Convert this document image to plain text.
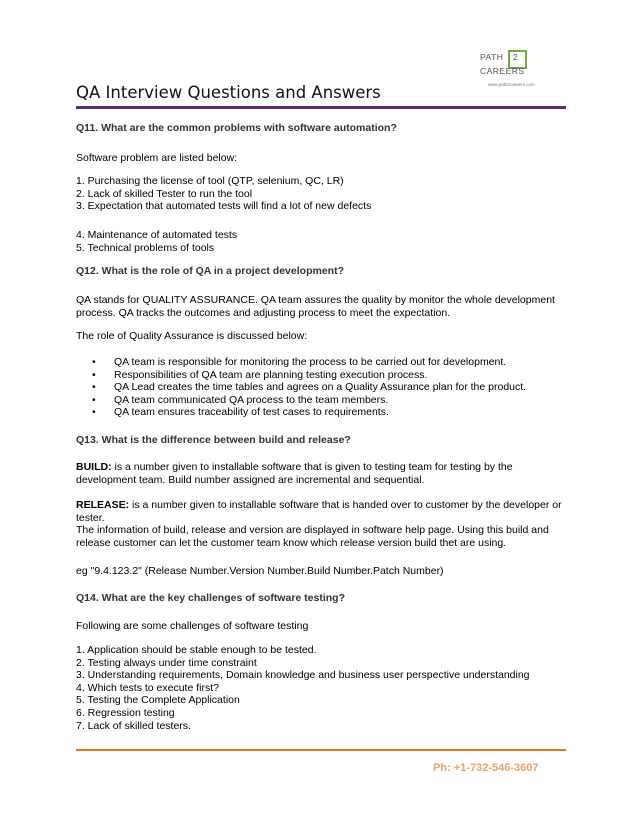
PATH 2
CAREERS
www.path2careers.com
QA Interview Questions and Answers
Q11. What are the common problems with software automation?
Software problem are listed below:
1. Purchasing the license of tool (QTP, selenium, QC, LR)
2. Lack of skilled Tester to run the tool
3. Expectation that automated tests will find a lot of new defects
4. Maintenance of automated tests
5. Technical problems of tools
Q12. What is the role of QA in a project development?
QA stands for QUALITY ASSURANCE. QA team assures the quality by monitor the whole development
process. QA tracks the outcomes and adjusting process to meet the expectation.
The role of Quality Assurance is discussed below:
• QA team is responsible for monitoring the process to be carried out for development.
• Responsibilities of QA team are planning testing execution process.
• QA Lead creates the time tables and agrees on a Quality Assurance plan for the product.
• QA team communicated QA process to the team members.
• QA team ensures traceability of test cases to requirements.
Q13. What is the difference between build and release?
BUILD: is a number given to installable software that is given to testing team for testing by the
development team. Build number assigned are incremental and sequential.
RELEASE: is a number given to installable software that is handed over to customer by the developer or
tester.
The information of build, release and version are displayed in software help page. Using this build and
release customer can let the customer team know which release version build thet are using.
eg "9.4.123.2" (Release Number.Version Number.Build Number.Patch Number)
Q14. What are the key challenges of software testing?
Following are some challenges of software testing
1. Application should be stable enough to be tested.
2. Testing always under time constraint
3. Understanding requirements, Domain knowledge and business user perspective understanding
4. Which tests to execute first?
5. Testing the Complete Application
6. Regression testing
7. Lack of skilled testers.
Ph: +1-732-546-3607
